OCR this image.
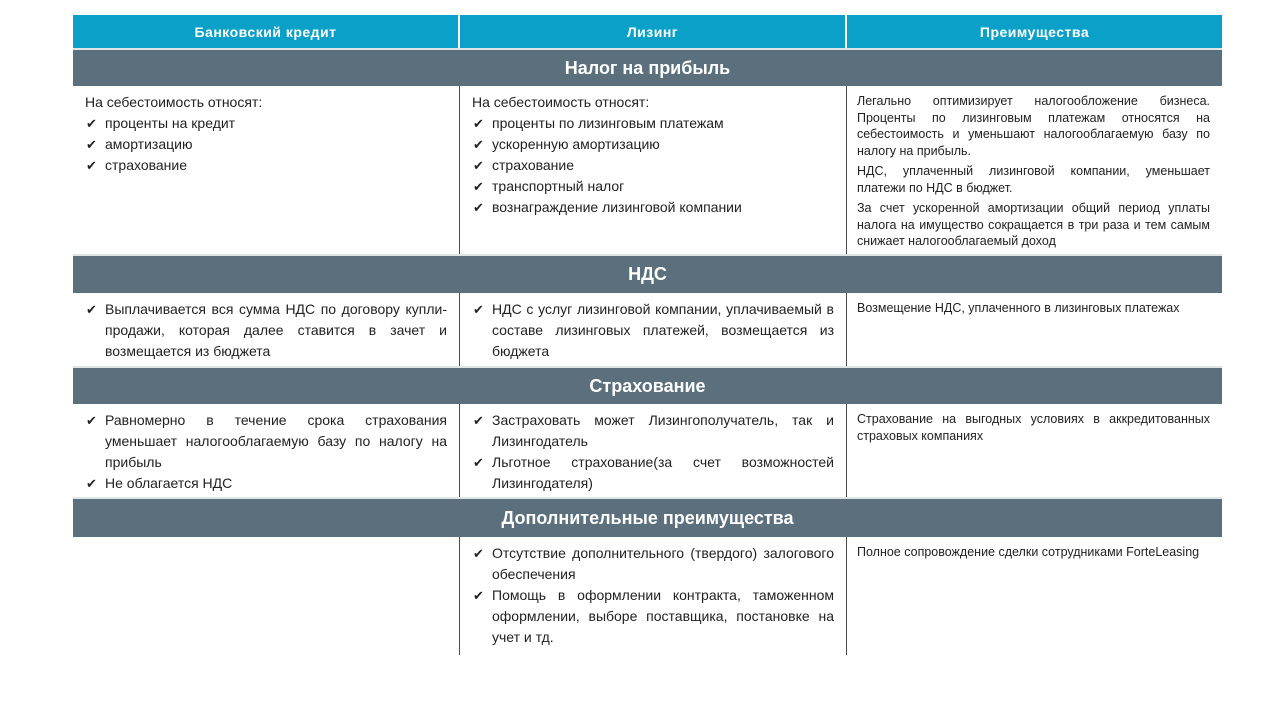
Банковский кредит	Лизинг	Преимущества
Налог на прибыль

На себестоимость относят:

✔ проценты на кредит
✔ амортизацию
✔ страхование

На себестоимость относят:

✔ проценты по лизинговым платежам
✔ ускоренную амортизацию
✔ страхование
✔ транспортный налог
✔ вознаграждение лизинговой компании

Легально оптимизирует налогообложение бизнеса. Проценты по лизинговым платежам относятся на себестоимость и уменьшают налогооблагаемую базу по налогу на прибыль.

НДС, уплаченный лизинговой компании, уменьшает платежи по НДС в бюджет.

За счет ускоренной амортизации общий период уплаты налога на имущество сокращается в три раза и тем самым снижает налогооблагаемый доход

НДС
✔ Выплачивается вся сумма НДС по договору купли-продажи, которая далее ставится в зачет и возмещается из бюджета
✔ НДС с услуг лизинговой компании, уплачиваемый в составе лизинговых платежей, возмещается из бюджета

Возмещение НДС, уплаченного в лизинговых платежах

Страхование
✔ Равномерно в течение срока страхования уменьшает налогооблагаемую базу по налогу на прибыль
✔ Не облагается НДС
✔ Застраховать может Лизингополучатель, так и Лизингодатель
✔ Льготное страхование(за счет возможностей Лизингодателя)

Страхование на выгодных условиях в аккредитованных страховых компаниях

Дополнительные преимущества
✔ Отсутствие дополнительного (твердого) залогового обеспечения
✔ Помощь в оформлении контракта, таможенном оформлении, выборе поставщика, постановке на учет и тд.

Полное сопровождение сделки сотрудниками ForteLeasing
